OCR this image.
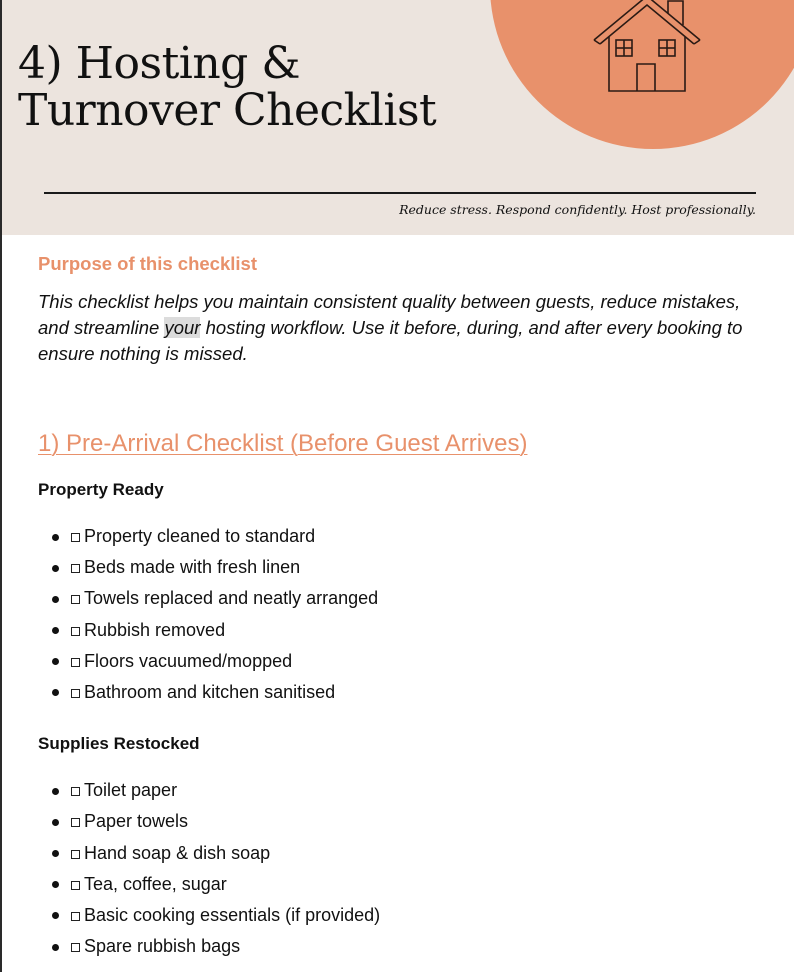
4) Hosting &
Turnover Checklist
Reduce stress. Respond confidently. Host professionally.
Purpose of this checklist

This checklist helps you maintain consistent quality between guests, reduce mistakes, and streamline your hosting workflow. Use it before, during, and after every booking to ensure nothing is missed.

1) Pre-Arrival Checklist (Before Guest Arrives)
Property Ready
Property cleaned to standard
Beds made with fresh linen
Towels replaced and neatly arranged
Rubbish removed
Floors vacuumed/mopped
Bathroom and kitchen sanitised
Supplies Restocked
Toilet paper
Paper towels
Hand soap & dish soap
Tea, coffee, sugar
Basic cooking essentials (if provided)
Spare rubbish bags
